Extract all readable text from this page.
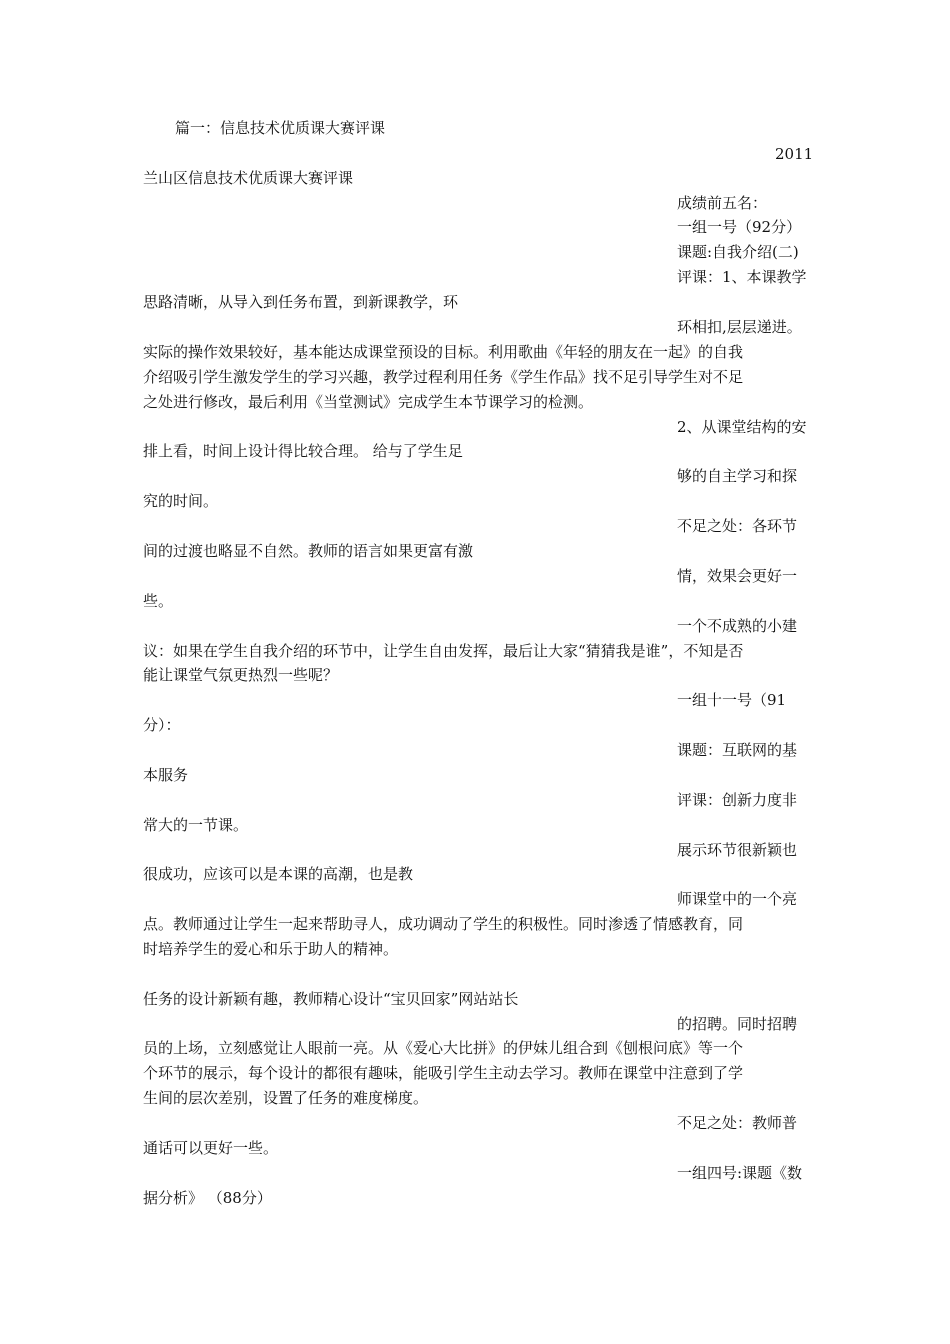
篇一：信息技术优质课大赛评课
2011
兰山区信息技术优质课大赛评课
成绩前五名：
一组一号（92分）
课题:自我介绍(二)
评课：1、本课教学
思路清晰，从导入到任务布置，到新课教学，环
环相扣,层层递进。
实际的操作效果较好，基本能达成课堂预设的目标。利用歌曲《年轻的朋友在一起》的自我
介绍吸引学生激发学生的学习兴趣，教学过程利用任务《学生作品》找不足引导学生对不足
之处进行修改，最后利用《当堂测试》完成学生本节课学习的检测。
2、从课堂结构的安
排上看，时间上设计得比较合理。 给与了学生足
够的自主学习和探
究的时间。
不足之处：各环节
间的过渡也略显不自然。教师的语言如果更富有激
情，效果会更好一
些。
一个不成熟的小建
议：如果在学生自我介绍的环节中，让学生自由发挥，最后让大家“猜猜我是谁”，不知是否
能让课堂气氛更热烈一些呢？
一组十一号（91
分）：
课题：互联网的基
本服务
评课：创新力度非
常大的一节课。
展示环节很新颖也
很成功，应该可以是本课的高潮，也是教
师课堂中的一个亮
点。教师通过让学生一起来帮助寻人，成功调动了学生的积极性。同时渗透了情感教育，同
时培养学生的爱心和乐于助人的精神。
任务的设计新颖有趣，教师精心设计“宝贝回家”网站站长
的招聘。同时招聘
员的上场，立刻感觉让人眼前一亮。从《爱心大比拼》的伊妹儿组合到《刨根问底》等一个
个环节的展示，每个设计的都很有趣味，能吸引学生主动去学习。教师在课堂中注意到了学
生间的层次差别，设置了任务的难度梯度。
不足之处：教师普
通话可以更好一些。
一组四号:课题《数
据分析》 （88分）
